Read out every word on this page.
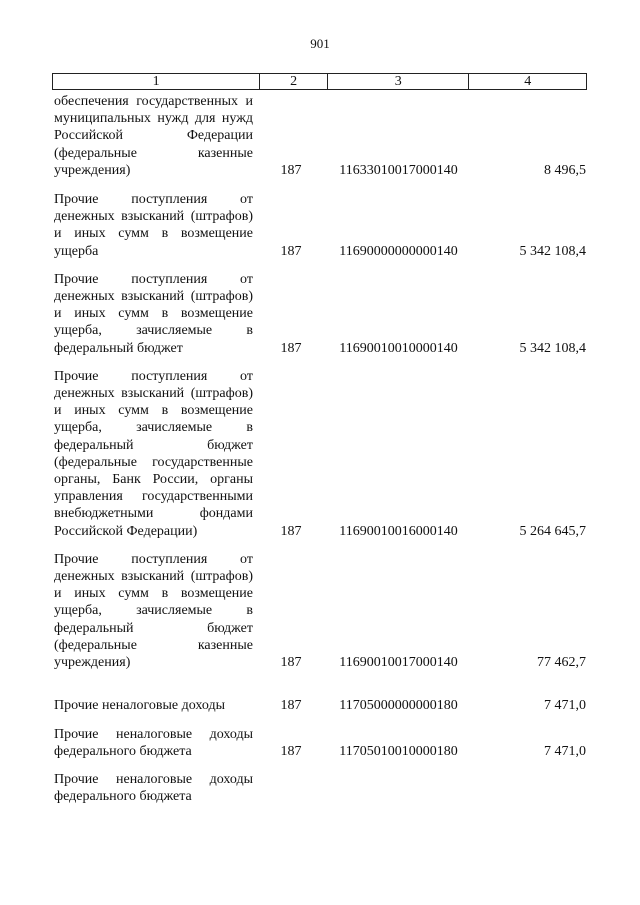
901
1	2	3	4
обеспечения государственных и муниципальных нужд для нужд Российской Федерации (федеральные казенные учреждения)	187	11633010017000140	8 496,5
Прочие поступления от денежных взысканий (штрафов) и иных сумм в возмещение ущерба	187	11690000000000140	5 342 108,4
Прочие поступления от денежных взысканий (штрафов) и иных сумм в возмещение ущерба, зачисляемые в федеральный бюджет	187	11690010010000140	5 342 108,4
Прочие поступления от денежных взысканий (штрафов) и иных сумм в возмещение ущерба, зачисляемые в федеральный бюджет (федеральные государственные органы, Банк России, органы управления государственными внебюджетными фондами Российской Федерации)	187	11690010016000140	5 264 645,7
Прочие поступления от денежных взысканий (штрафов) и иных сумм в возмещение ущерба, зачисляемые в федеральный бюджет (федеральные казенные учреждения)	187	11690010017000140	77 462,7
Прочие неналоговые доходы	187	11705000000000180	7 471,0
Прочие неналоговые доходы федерального бюджета	187	11705010010000180	7 471,0
Прочие неналоговые доходы федерального бюджета
